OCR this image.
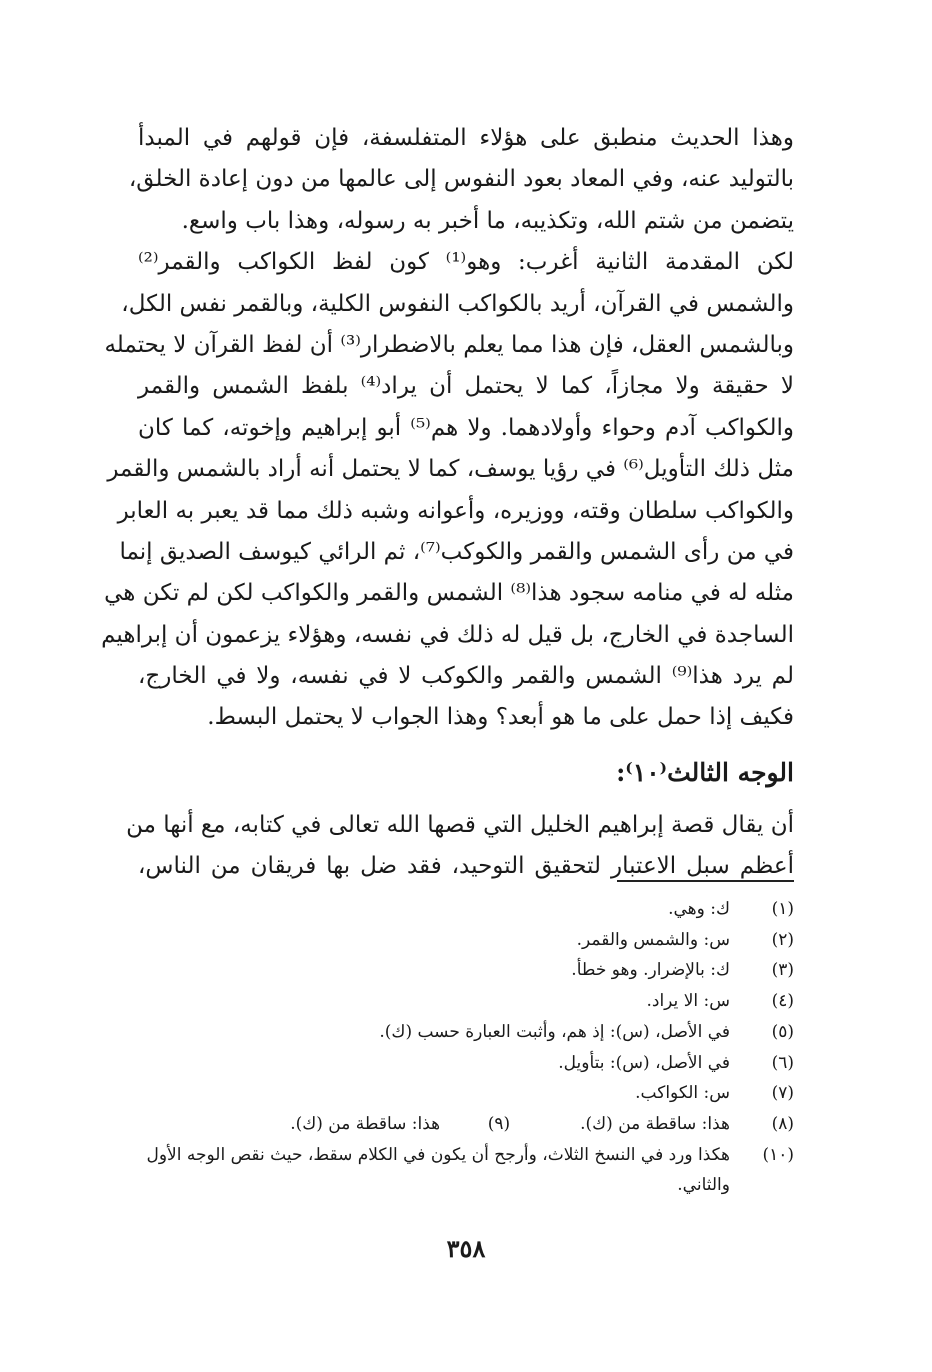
وهذا الحديث منطبق على هؤلاء المتفلسفة، فإن قولهم في المبدأ
بالتوليد عنه، وفي المعاد بعود النفوس إلى عالمها من دون إعادة الخلق،
يتضمن من شتم الله، وتكذيبه، ما أخبر به رسوله، وهذا باب واسع.
لكن المقدمة الثانية أغرب: وهو⁽¹⁾ كون لفظ الكواكب والقمر⁽²⁾
والشمس في القرآن، أريد بالكواكب النفوس الكلية، وبالقمر نفس الكل،
وبالشمس العقل، فإن هذا مما يعلم بالاضطرار⁽³⁾ أن لفظ القرآن لا يحتمله
لا حقيقة ولا مجازاً، كما لا يحتمل أن يراد⁽⁴⁾ بلفظ الشمس والقمر
والكواكب آدم وحواء وأولادهما. ولا هم⁽⁵⁾ أبو إبراهيم وإخوته، كما كان
مثل ذلك التأويل⁽⁶⁾ في رؤيا يوسف، كما لا يحتمل أنه أراد بالشمس والقمر
والكواكب سلطان وقته، ووزيره، وأعوانه وشبه ذلك مما قد يعبر به العابر
في من رأى الشمس والقمر والكوكب⁽⁷⁾، ثم الرائي كيوسف الصديق إنما
مثله له في منامه سجود هذا⁽⁸⁾ الشمس والقمر والكواكب لكن لم تكن هي
الساجدة في الخارج، بل قيل له ذلك في نفسه، وهؤلاء يزعمون أن إبراهيم
لم يرد هذا⁽⁹⁾ الشمس والقمر والكوكب لا في نفسه، ولا في الخارج،
فكيف إذا حمل على ما هو أبعد؟ وهذا الجواب لا يحتمل البسط.
الوجه الثالث⁽١٠⁾:
أن يقال قصة إبراهيم الخليل التي قصها الله تعالى في كتابه، مع أنها من
أعظم سبل الاعتبار لتحقيق التوحيد، فقد ضل بها فريقان من الناس،
(١)
ك: وهي.
(٢)
س: والشمس والقمر.
(٣)
ك: بالإضرار. وهو خطأ.
(٤)
س: الا يراد.
(٥)
في الأصل، (س): إذ هم، وأثبت العبارة حسب (ك).
(٦)
في الأصل، (س): بتأويل.
(٧)
س: الكواكب.
(٨)
هذا: ساقطة من (ك).(٩)هذا: ساقطة من (ك).
(١٠)
هكذا ورد في النسخ الثلاث، وأرجح أن يكون في الكلام سقط، حيث نقص الوجه الأول والثاني.
٣٥٨
